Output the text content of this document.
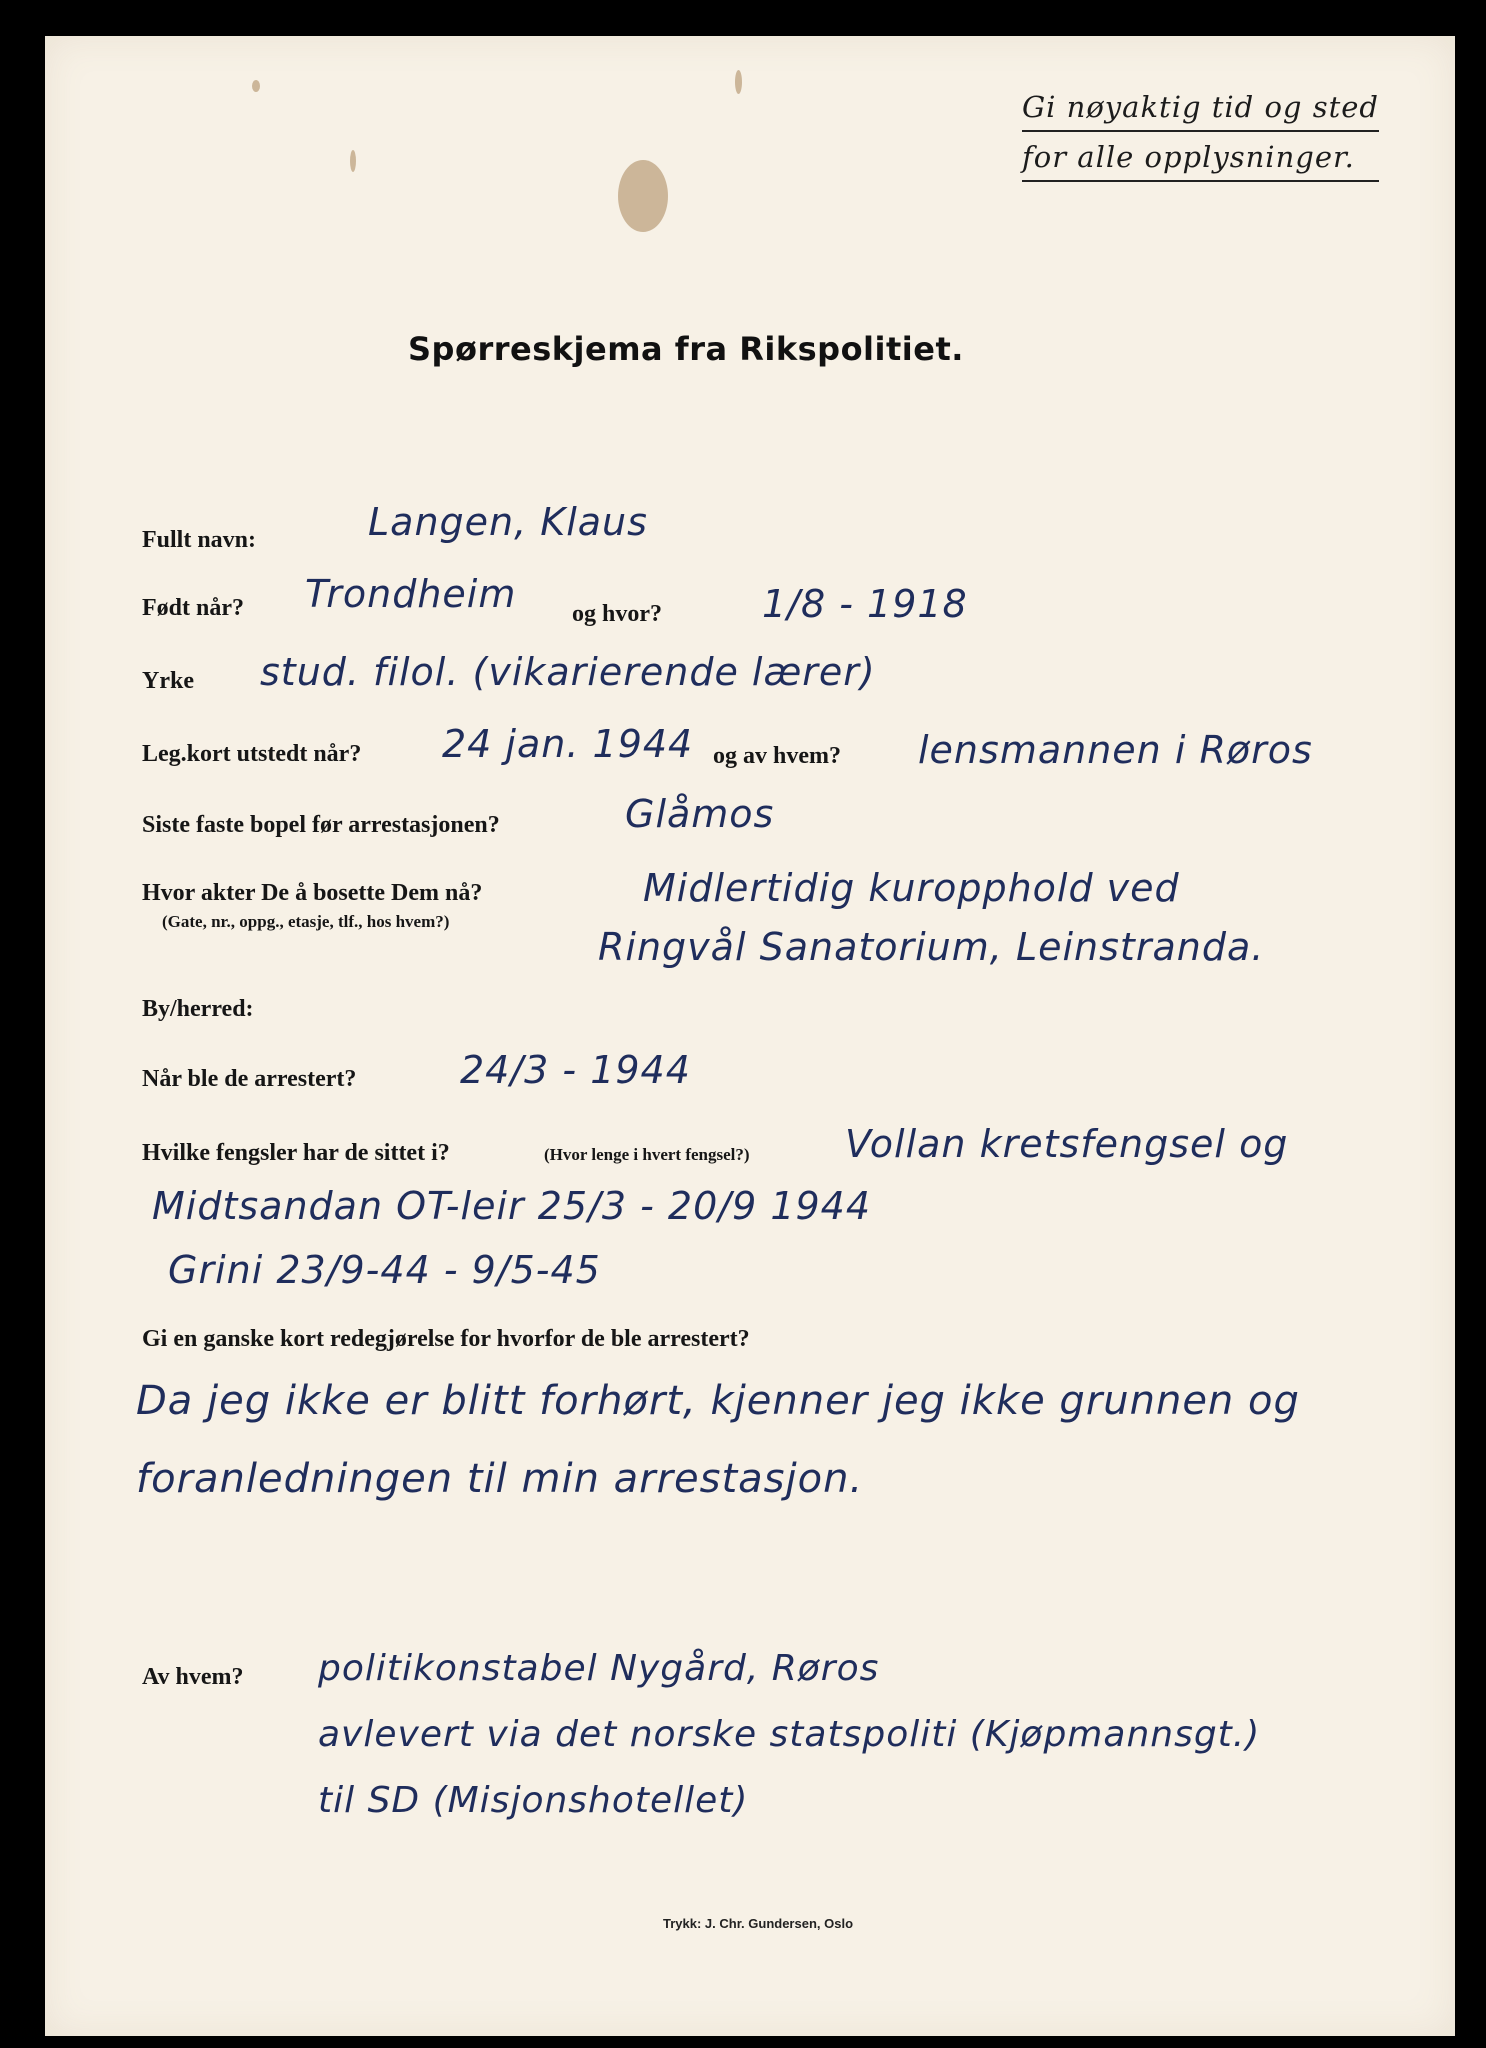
Gi nøyaktig tid og sted
for alle opplysninger.
Spørreskjema fra Rikspolitiet.
Fullt navn:	Langen, Klaus
Født når? Trondheim og hvor?	1/8 - 1918
Yrke stud. filol. (vikarierende lærer)
Leg.kort utstedt når? 24 jan. 1944 og av hvem? lensmannen i Røros
Siste faste bopel før arrestasjonen?	Glåmos
Hvor akter De å bosette Dem nå?
(Gate, nr., oppg., etasje, tlf., hos hvem?)
Midlertidig kuropphold ved
Ringvål Sanatorium, Leinstranda.
By/herred:
Når ble de arrestert?	24/3 - 1944
Hvilke fengsler har de sittet i?	(Hvor lenge i hvert fengsel?)	Vollan kretsfengsel og
Midtsandan OT-leir 25/3 - 20/9 1944
Grini 23/9-44 - 9/5-45
Gi en ganske kort redegjørelse for hvorfor de ble arrestert?
Da jeg ikke er blitt forhørt, kjenner jeg ikke grunnen og
foranledningen til min arrestasjon.
Av hvem? politikonstabel Nygård, Røros
avlevert via det norske statspoliti (Kjøpmannsgt.)
til SD (Misjonshotellet)
Trykk: J. Chr. Gundersen, Oslo
